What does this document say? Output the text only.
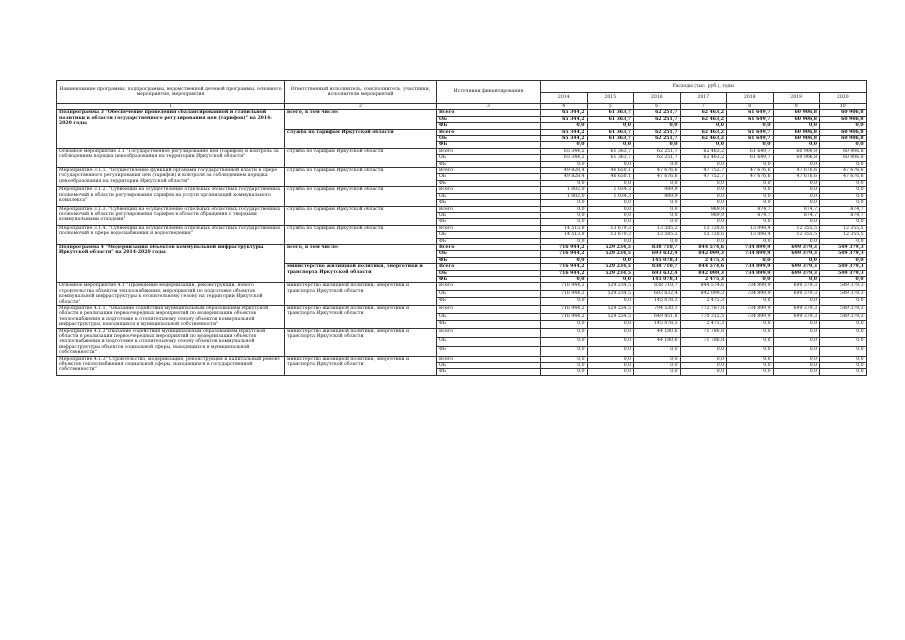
Наименование программы, подпрограммы, ведомственной целевой программы, основного мероприятия, мероприятия	Ответственный исполнитель, соисполнитель, участники, исполнители мероприятий	Источники финансирования	Расходы (тыс. руб.), годы						
			2014	2015	2016	2017	2018	2019	2020
1	2	3	4	5	6	7	8	9	10
Подпрограмма 3 "Обеспечение проведения сбалансированной и стабильной политики в области государственного регулирования цен (тарифов)" на 2014-2020 годы	всего, в том числе:	Всего	65 344,2	61 363,7	62 251,7	62 463,2	61 649,7	60 906,8	60 906,8
		ОБ	65 344,2	61 363,7	62 251,7	62 463,2	61 649,7	60 906,8	60 906,8
		ФБ	0,0	0,0	0,0	0,0	0,0	0,0	0,0
	служба по тарифам Иркутской области	Всего	65 344,2	61 363,7	62 251,7	62 463,2	61 649,7	60 906,8	60 906,8
		ОБ	65 344,2	61 363,7	62 251,7	62 463,2	61 649,7	60 906,8	60 906,8
		ФБ	0,0	0,0	0,0	0,0	0,0	0,0	0,0
Основное мероприятие 3.1 "Государственное регулирование цен (тарифов) и контроль за соблюдением порядка ценообразования на территории Иркутской области"	служба по тарифам Иркутской области	Всего	65 344,2	61 363,7	62 251,7	62 463,2	61 649,7	60 906,8	60 906,8
		ОБ	65 344,2	61 363,7	62 251,7	62 463,2	61 649,7	60 906,8	60 906,8
		ФБ	0,0	0,0	0,0	0,0	0,0	0,0	0,0
Мероприятие 3.1.1. "Осуществление функций органами государственной власти в сфере государственного регулирования цен (тарифов) и контроля за соблюдением порядка ценообразования на территории Иркутской области"	служба по тарифам Иркутской области	Всего	49 828,4	46 650,1	47 676,6	47 752,7	47 676,6	47 676,6	47 676,6
		ОБ	49 828,4	46 650,1	47 676,6	47 752,7	47 676,6	47 676,6	47 676,6
		ФБ	0,0	0,0	0,0	0,0	0,0	0,0	0,0
Мероприятие 3.1.2. "Субвенции на осуществление отдельных областных государственных полномочий в области регулирования тарифов на услуги организаций коммунального комплекса"	служба по тарифам Иркутской области	Всего	1 002,0	1 034,3	989,9	0,0	0,0	0,0	0,0
		ОБ	1 002,0	1 034,3	989,9	0,0	0,0	0,0	0,0
		ФБ	0,0	0,0	0,0	0,0	0,0	0,0	0,0
Мероприятие 3.1.3. "Субвенции на осуществление отдельных областных государственных полномочий в области регулирования тарифов в области обращения с твердыми коммунальными отходами"	служба по тарифам Иркутской области	Всего	0,0	0,0	0,0	989,9	874,7	874,7	874,7
		ОБ	0,0	0,0	0,0	989,9	874,7	874,7	874,7
		ФБ	0,0	0,0	0,0	0,0	0,0	0,0	0,0
Мероприятие 3.1.4. "Субвенции на осуществление отдельных областных государственных полномочий в сфере водоснабжения и водоотведения"	служба по тарифам Иркутской области	Всего	14 513,8	13 679,3	13 585,2	13 720,6	13 098,4	12 355,5	12 355,5
		ОБ	14 513,8	13 679,3	13 585,2	13 720,6	13 098,4	12 355,5	12 355,5
		ФБ	0,0	0,0	0,0	0,0	0,0	0,0	0,0
Подпрограмма 4 "Модернизация объектов коммунальной инфраструктуры Иркутской области" на 2014-2020 годы	всего, в том числе:	Всего	716 944,2	529 234,5	838 710,7	844 574,6	734 899,9	699 379,3	549 379,3
		ОБ	716 944,2	529 234,5	693 632,4	842 099,3	734 899,9	699 379,3	549 379,3
		ФБ	0,0	0,0	145 078,3	2 475,3	0,0	0,0	0,0
	министерство жилищной политики, энергетики и транспорта Иркутской области	Всего	716 944,2	529 234,5	838 710,7	844 574,6	734 899,9	699 379,3	549 379,3
		ОБ	716 944,2	529 234,5	693 632,4	842 099,3	734 899,9	699 379,3	549 379,3
		ФБ	0,0	0,0	145 078,3	2 475,3	0,0	0,0	0,0
Основное мероприятие 4.1 "Проведение модернизации, реконструкции, нового строительства объектов теплоснабжения, мероприятий по подготовке объектов коммунальной инфраструктуры к отопительному сезону на территории Иркутской области"	министерство жилищной политики, энергетики и транспорта Иркутской области	Всего	716 944,2	529 234,5	838 710,7	844 574,6	734 899,9	699 379,3	549 379,3
		ОБ	716 944,2	529 234,5	693 632,4	842 099,3	734 899,9	699 379,3	549 379,3
		ФБ	0,0	0,0	145 078,3	2 475,3	0,0	0,0	0,0
Мероприятие 4.1.1. "Оказание содействия муниципальным образованиям Иркутской области в реализации первоочередных мероприятий по модернизации объектов теплоснабжения и подготовке к отопительному сезону объектов коммунальной инфраструктуры, находящихся в муниципальной собственности"	министерство жилищной политики, энергетики и транспорта Иркутской области	Всего	716 944,2	529 234,5	794 530,1	772 787,8	734 899,9	699 379,3	549 379,3
		ОБ	716 944,2	529 234,5	649 451,8	770 312,5	734 899,9	699 379,3	549 379,3
		ФБ	0,0	0,0	145 078,3	2 475,3	0,0	0,0	0,0
Мероприятие 4.1.2"Оказание содействия муниципальным образованиям Иркутской области в реализации первоочередных мероприятий по модернизации объектов теплоснабжения и подготовке к отопительному сезону объектов коммунальной инфраструктуры объектов социальной сферы, находящихся в муниципальной собственности"	министерство жилищной политики, энергетики и транспорта Иркутской области	Всего	0,0	0,0	44 180,6	71 786,8	0,0	0,0	0,0
		ОБ	0,0	0,0	44 180,6	71 786,8	0,0	0,0	0,0
		ФБ	0,0	0,0	0,0	0,0	0,0	0,0	0,0
Мероприятие 4.1.3" Строительство, модернизация, реконструкция и капитальный ремонт объектов теплоснабжения социальной сферы, находящихся в государственной собственности"	министерство жилищной политики, энергетики и транспорта Иркутской области	Всего	0,0	0,0	0,0	0,0	0,0	0,0	0,0
		ОБ	0,0	0,0	0,0	0,0	0,0	0,0	0,0
		ФБ	0,0	0,0	0,0	0,0	0,0	0,0	0,0
